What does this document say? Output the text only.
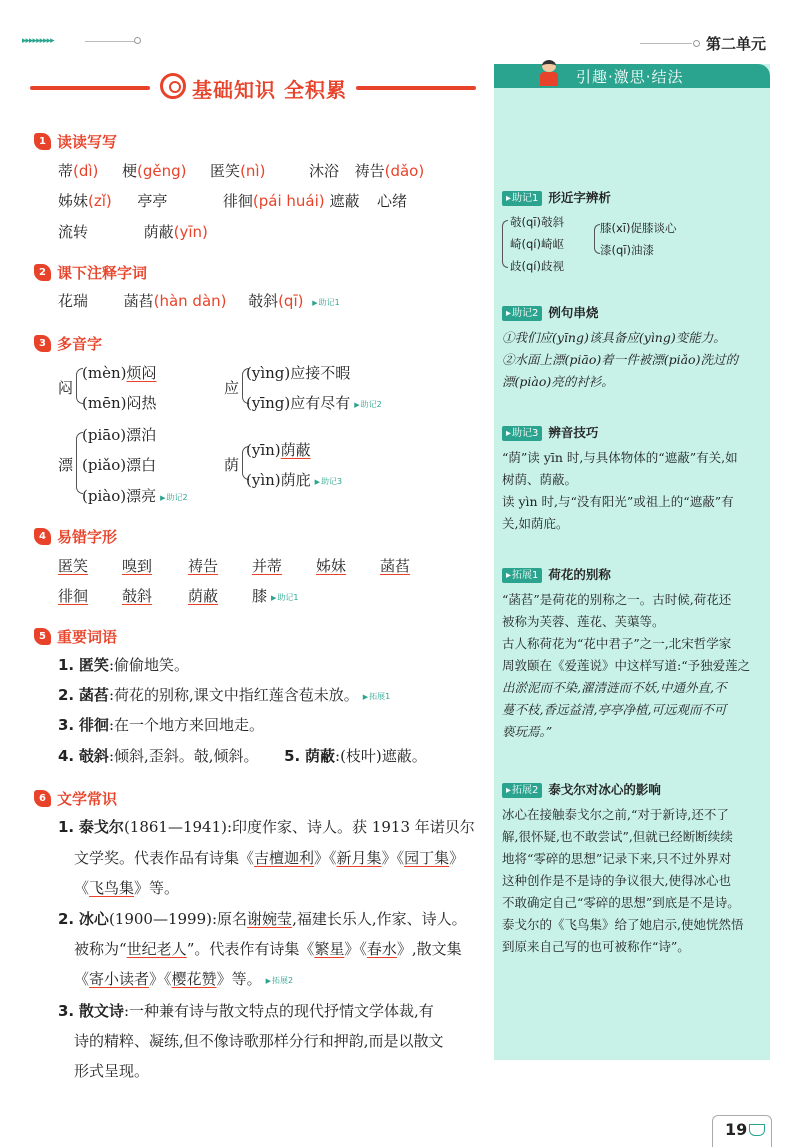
▸▸▸▸▸▸▸▸▸	第二单元
基础知识 全积累
1 读读写写
蒂(dì) 梗(gěng) 匿笑(nì)	沐浴 祷告(dǎo)
姊妹(zǐ) 亭亭	徘徊(pái huái) 遮蔽 心绪
流转	荫蔽(yīn)
2 课下注释字词
花瑞 菡萏(hàn dàn) 攲斜(qī) ▶ 助记1
3 多音字
闷
(mèn)烦闷
(mēn)闷热
应
(yìng)应接不暇
(yīng)应有尽有 ▶ 助记2
漂
(piāo)漂泊
(piǎo)漂白
(piào)漂亮 ▶ 助记2
荫
(yīn)荫蔽
(yìn)荫庇 ▶ 助记3
4 易错字形
匿笑 嗅到 祷告 并蒂 姊妹 菡萏
徘徊 攲斜 荫蔽 膝 ▶ 助记1
5 重要词语
1. 匿笑:偷偷地笑。
2. 菡萏:荷花的别称,课文中指红莲含苞未放。 ▶ 拓展1
3. 徘徊:在一个地方来回地走。
4. 攲斜:倾斜,歪斜。攲,倾斜。 5. 荫蔽:(枝叶)遮蔽。
6 文学常识
1. 泰戈尔(1861—1941):印度作家、诗人。获 1913 年诺贝尔
文学奖。代表作品有诗集《吉檀迦利》《新月集》《园丁集》
《飞鸟集》等。
2. 冰心(1900—1999):原名谢婉莹,福建长乐人,作家、诗人。
被称为“世纪老人”。代表作有诗集《繁星》《春水》,散文集
《寄小读者》《樱花赞》等。 ▶ 拓展2
3. 散文诗:一种兼有诗与散文特点的现代抒情文学体裁,有
诗的精粹、凝练,但不像诗歌那样分行和押韵,而是以散文
形式呈现。
引趣·激思·结法
▸ 助记1 形近字辨析
攲(qī)攲斜
崎(qí)崎岖
歧(qí)歧视
膝(xī)促膝谈心
漆(qī)油漆
▸ 助记2 例句串烧
①我们应(yīng)该具备应(yìng)变能力。
②水面上漂(piāo)着一件被漂(piǎo)洗过的
漂(piào)亮的衬衫。
▸ 助记3 辨音技巧
“荫”读 yīn 时,与具体物体的“遮蔽”有关,如
树荫、荫蔽。
读 yìn 时,与“没有阳光”或祖上的“遮蔽”有
关,如荫庇。
▸ 拓展1 荷花的别称
“菡萏”是荷花的别称之一。古时候,荷花还
被称为芙蓉、莲花、芙蕖等。
古人称荷花为“花中君子”之一,北宋哲学家
周敦颐在《爱莲说》中这样写道:“予独爱莲之
出淤泥而不染,濯清涟而不妖,中通外直,不
蔓不枝,香远益清,亭亭净植,可远观而不可
亵玩焉。”
▸ 拓展2 泰戈尔对冰心的影响
冰心在接触泰戈尔之前,“对于新诗,还不了
解,很怀疑,也不敢尝试”,但就已经断断续续
地将“零碎的思想”记录下来,只不过外界对
这种创作是不是诗的争议很大,使得冰心也
不敢确定自己“零碎的思想”到底是不是诗。
泰戈尔的《飞鸟集》给了她启示,使她恍然悟
到原来自己写的也可被称作“诗”。
19
